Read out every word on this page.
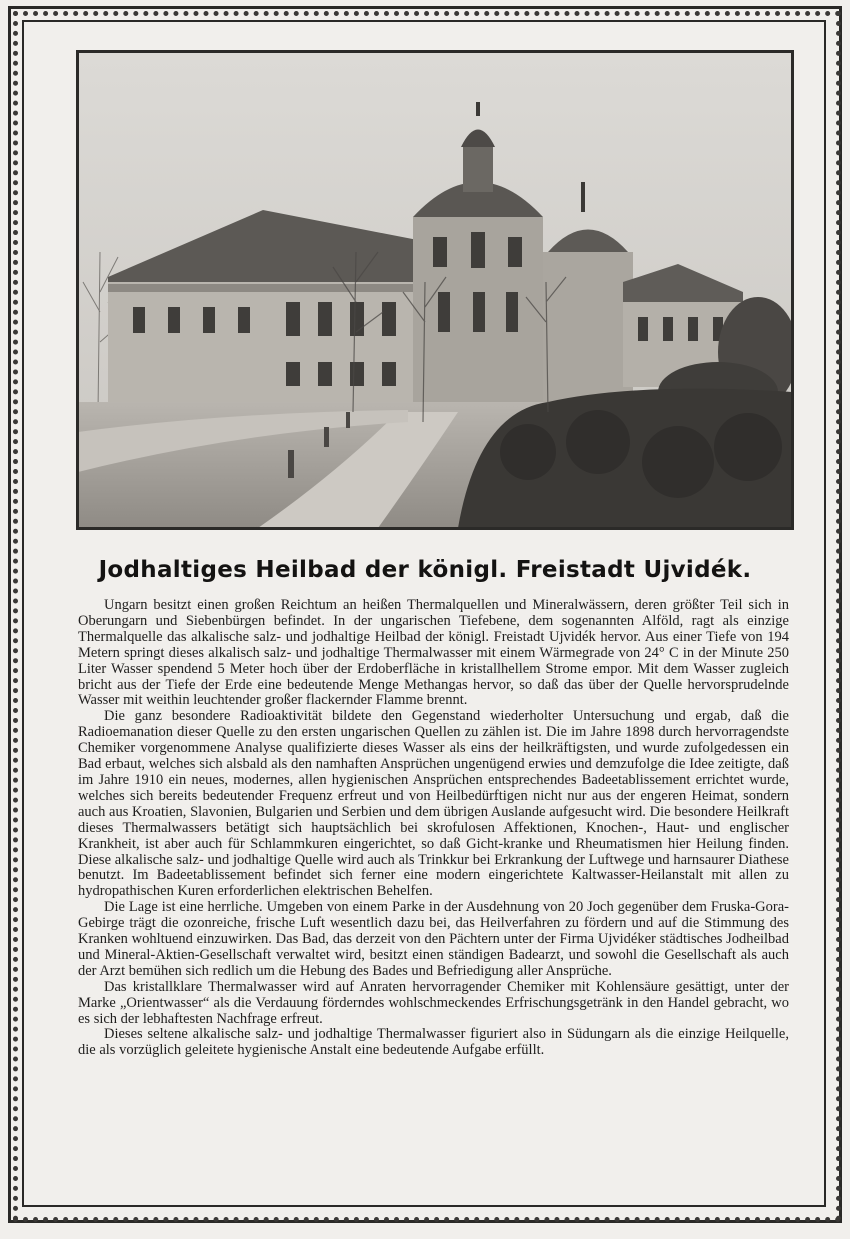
Jodhaltiges Heilbad der königl. Freistadt Ujvidék.

Ungarn besitzt einen großen Reichtum an heißen Thermalquellen und Mineralwässern, deren größter Teil sich in Oberungarn und Siebenbürgen befindet. In der ungarischen Tiefebene, dem sogenannten Alföld, ragt als einzige Thermalquelle das alkalische salz- und jodhaltige Heilbad der königl. Freistadt Ujvidék hervor. Aus einer Tiefe von 194 Metern springt dieses alkalisch salz- und jodhaltige Thermalwasser mit einem Wärmegrade von 24° C in der Minute 250 Liter Wasser spendend 5 Meter hoch über der Erdoberfläche in kristallhellem Strome empor. Mit dem Wasser zugleich bricht aus der Tiefe der Erde eine bedeutende Menge Methangas hervor, so daß das über der Quelle hervorsprudelnde Wasser mit weithin leuchtender großer flackernder Flamme brennt.

Die ganz besondere Radioaktivität bildete den Gegenstand wiederholter Untersuchung und ergab, daß die Radioemanation dieser Quelle zu den ersten ungarischen Quellen zu zählen ist. Die im Jahre 1898 durch hervorragendste Chemiker vorgenommene Analyse qualifizierte dieses Wasser als eins der heilkräftigsten, und wurde zufolgedessen ein Bad erbaut, welches sich alsbald als den namhaften Ansprüchen ungenügend erwies und demzufolge die Idee zeitigte, daß im Jahre 1910 ein neues, modernes, allen hygienischen Ansprüchen entsprechendes Badeetablissement errichtet wurde, welches sich bereits bedeutender Frequenz erfreut und von Heilbedürftigen nicht nur aus der engeren Heimat, sondern auch aus Kroatien, Slavonien, Bulgarien und Serbien und dem übrigen Auslande aufgesucht wird. Die besondere Heilkraft dieses Thermalwassers betätigt sich hauptsächlich bei skrofulosen Affektionen, Knochen-, Haut- und englischer Krankheit, ist aber auch für Schlammkuren eingerichtet, so daß Gicht-kranke und Rheumatismen hier Heilung finden. Diese alkalische salz- und jodhaltige Quelle wird auch als Trinkkur bei Erkrankung der Luftwege und harnsaurer Diathese benutzt. Im Badeetablissement befindet sich ferner eine modern eingerichtete Kaltwasser-Heilanstalt mit allen zu hydropathischen Kuren erforderlichen elektrischen Behelfen.

Die Lage ist eine herrliche. Umgeben von einem Parke in der Ausdehnung von 20 Joch gegenüber dem Fruska-Gora-Gebirge trägt die ozonreiche, frische Luft wesentlich dazu bei, das Heilverfahren zu fördern und auf die Stimmung des Kranken wohltuend einzuwirken. Das Bad, das derzeit von den Pächtern unter der Firma Ujvidéker städtisches Jodheilbad und Mineral-Aktien-Gesellschaft verwaltet wird, besitzt einen ständigen Badearzt, und sowohl die Gesellschaft als auch der Arzt bemühen sich redlich um die Hebung des Bades und Befriedigung aller Ansprüche.

Das kristallklare Thermalwasser wird auf Anraten hervorragender Chemiker mit Kohlensäure gesättigt, unter der Marke „Orientwasser“ als die Verdauung förderndes wohlschmeckendes Erfrischungsgetränk in den Handel gebracht, wo es sich der lebhaftesten Nachfrage erfreut.

Dieses seltene alkalische salz- und jodhaltige Thermalwasser figuriert also in Südungarn als die einzige Heilquelle, die als vorzüglich geleitete hygienische Anstalt eine bedeutende Aufgabe erfüllt.
